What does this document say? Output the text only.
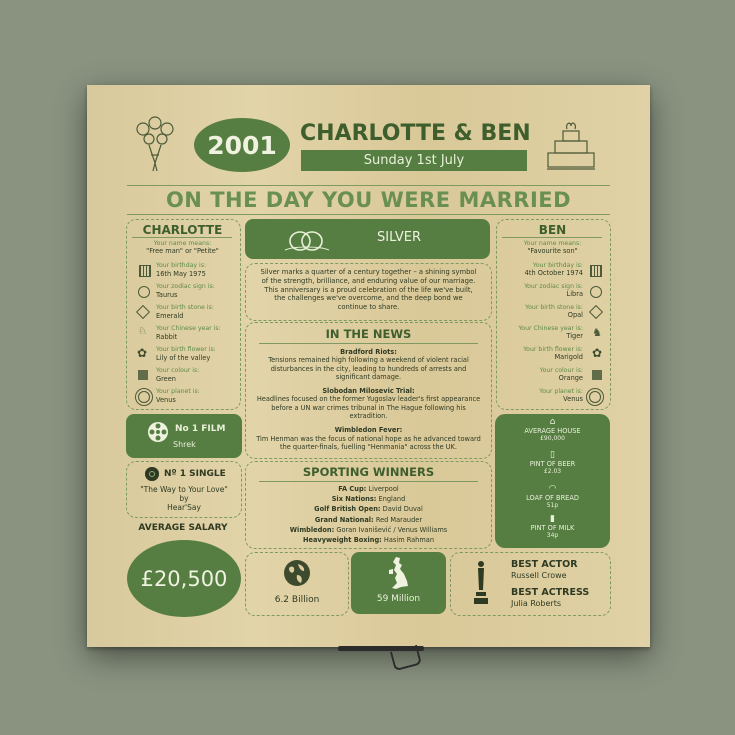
2001	CHARLOTTE & BEN
Sunday 1st July
ON THE DAY YOU WERE MARRIED
CHARLOTTE
Your name means:
"Free man" or "Petite"
Your birthday is:
16th May 1975
Your zodiac sign is:
Taurus
Your birth stone is:
Emerald
♘ Your Chinese year is:
Rabbit
✿ Your birth flower is:
Lily of the valley
Your colour is:
Green
Your planet is:
Venus
No 1 FILM
Shrek
Nº 1 SINGLE
"The Way to Your Love"
by
Hear'Say
AVERAGE SALARY
£20,500
SILVER
Silver marks a quarter of a century together – a shining symbol of the strength, brilliance, and enduring value of our marriage. This anniversary is a proud celebration of the life we've built, the challenges we've overcome, and the deep bond we continue to share.
IN THE NEWS

Bradford Riots:

Tensions remained high following a weekend of violent racial disturbances in the city, leading to hundreds of arrests and significant damage.

Slobodan Milosevic Trial:

Headlines focused on the former Yugoslav leader's first appearance before a UN war crimes tribunal in The Hague following his extradition.

Wimbledon Fever:

Tim Henman was the focus of national hope as he advanced toward the quarter-finals, fuelling "Henmania" across the UK.

SPORTING WINNERS
FA Cup: Liverpool
Six Nations: England
Golf British Open: David Duval
Grand National: Red Marauder
Wimbledon: Goran Ivanišević / Venus Williams
Heavyweight Boxing: Hasim Rahman
BEN
Your name means:
"Favourite son"
Your birthday is:
4th October 1974
Your zodiac sign is:
Libra
Your birth stone is:
Opal
Your Chinese year is:
Tiger ♞
Your birth flower is:
Marigold ✿
Your colour is:
Orange
Your planet is:
Venus
⌂
AVERAGE HOUSE
£90,000
▯
PINT OF BEER
£2.03
◠
LOAF OF BREAD
51p
▮
PINT OF MILK
34p
6.2 Billion	59 Million
BEST ACTOR
Russell Crowe
BEST ACTRESS
Julia Roberts
